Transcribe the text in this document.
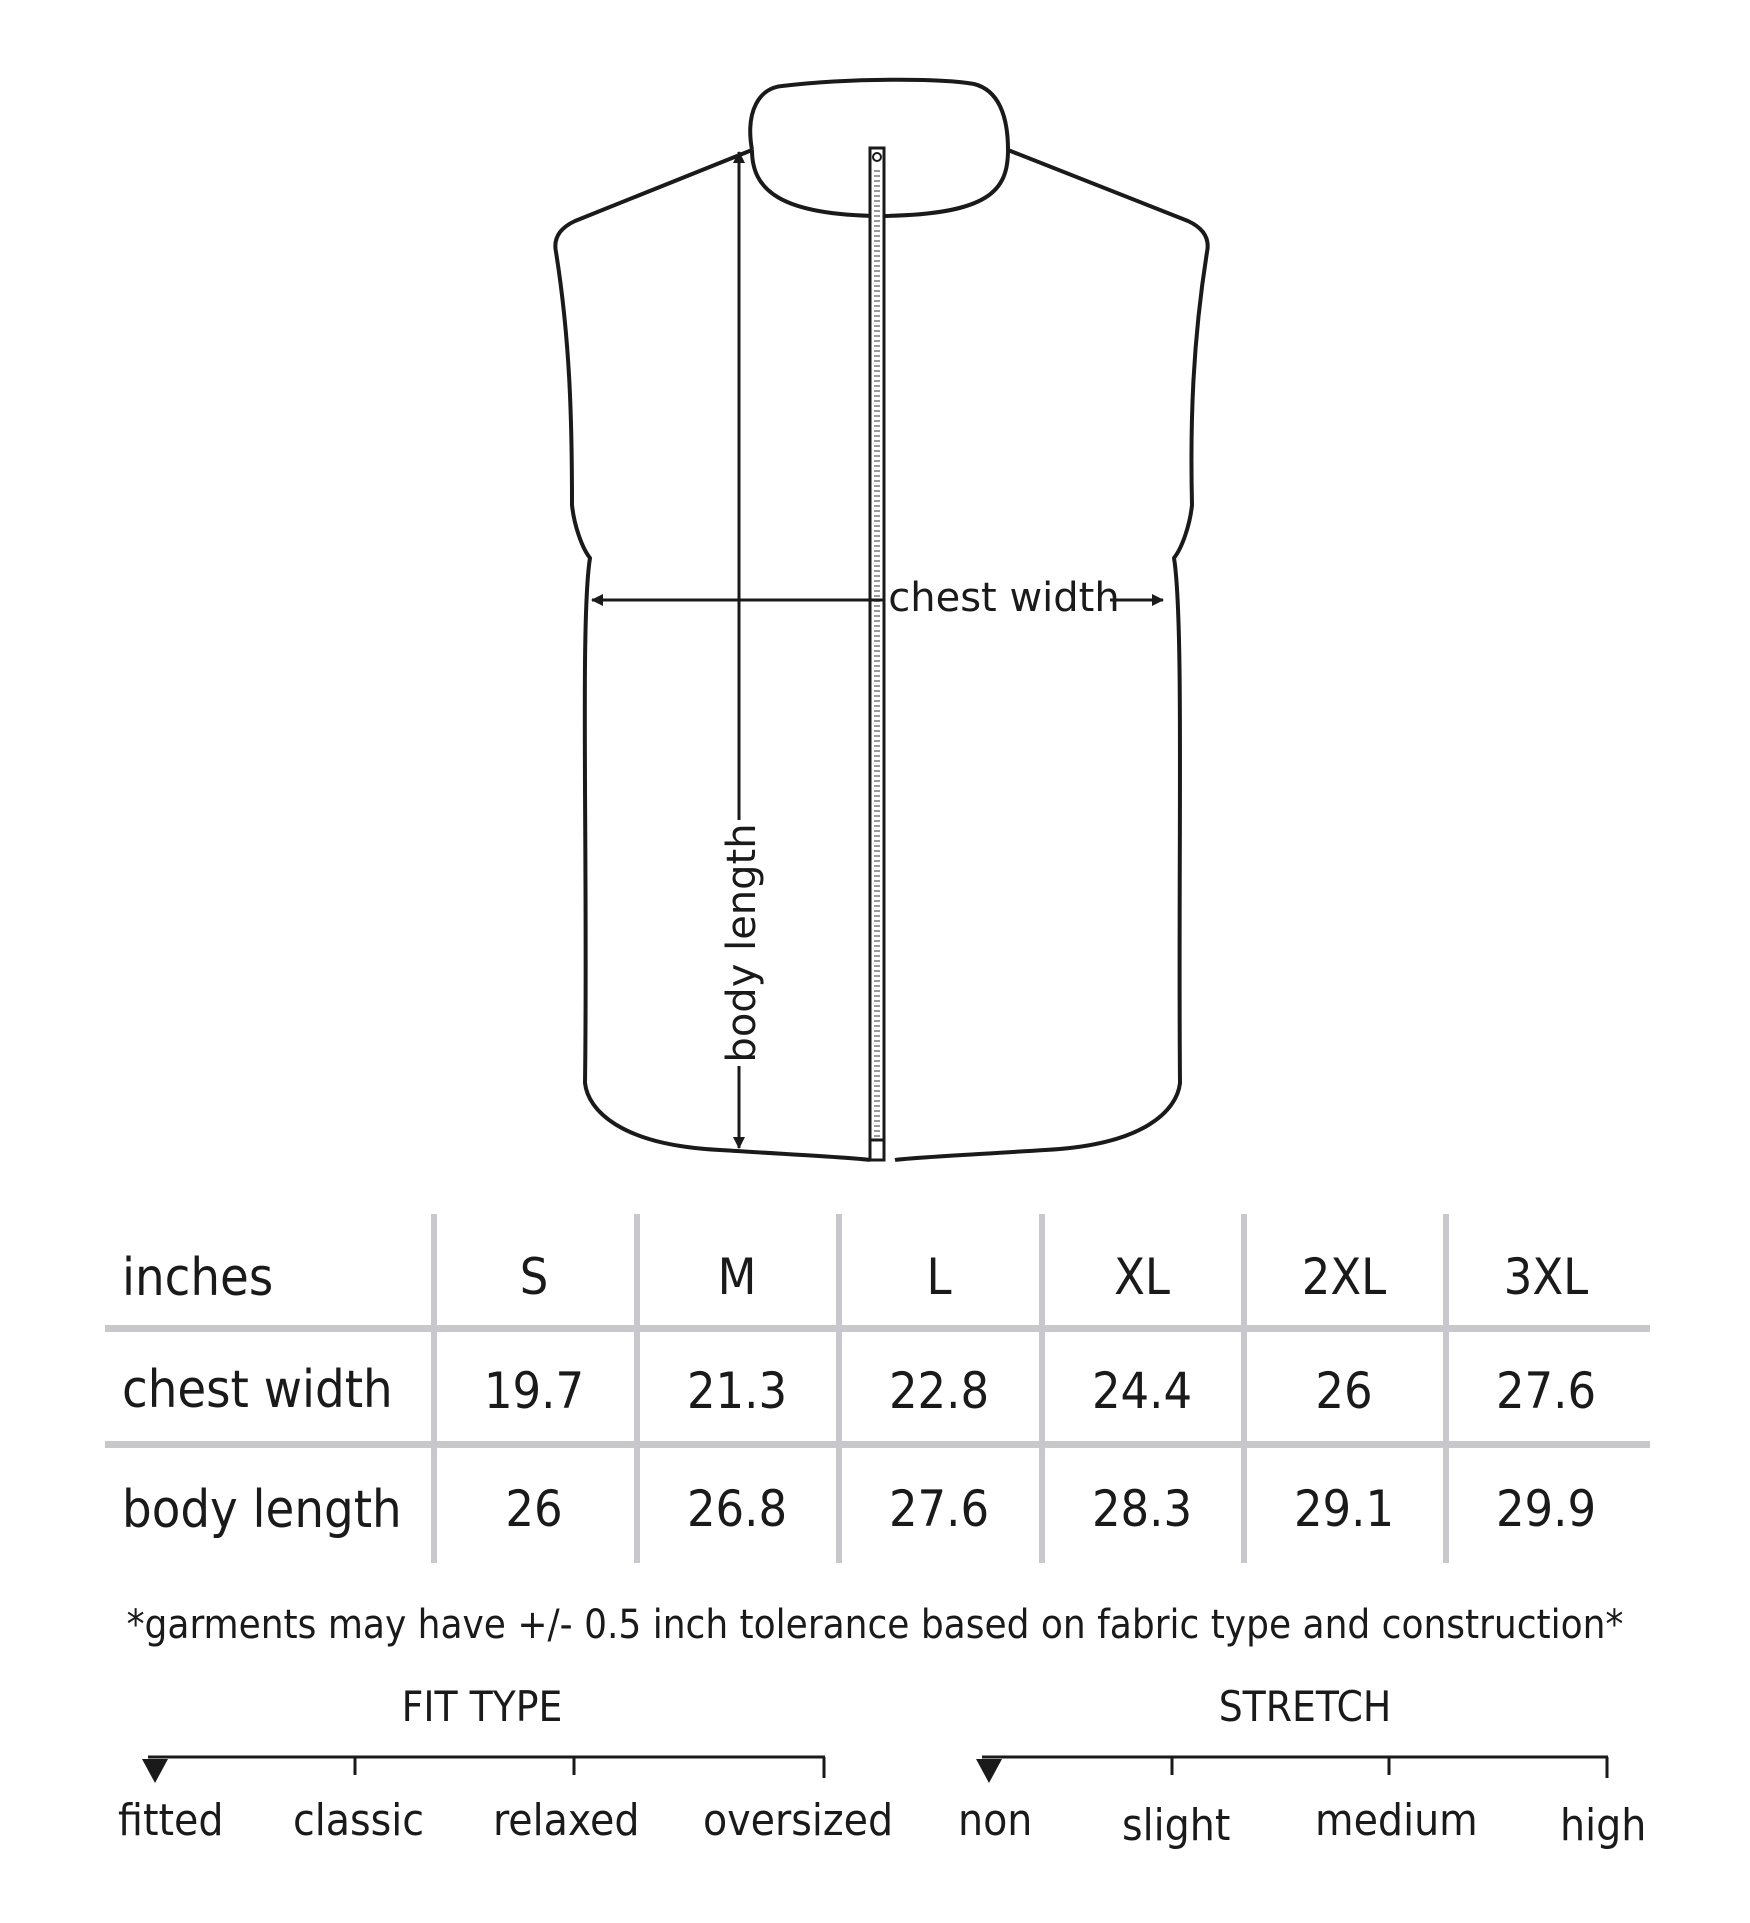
chest width
body length
inches	S	M	L	XL	2XL	3XL
chest width	19.7	21.3	22.8	24.4	26	27.6
body length	26	26.8	27.6	28.3	29.1	29.9
*garments may have +/- 0.5 inch tolerance based on fabric type and construction*
FIT TYPE
fitted classic relaxed oversized
STRETCH
non slight medium high
